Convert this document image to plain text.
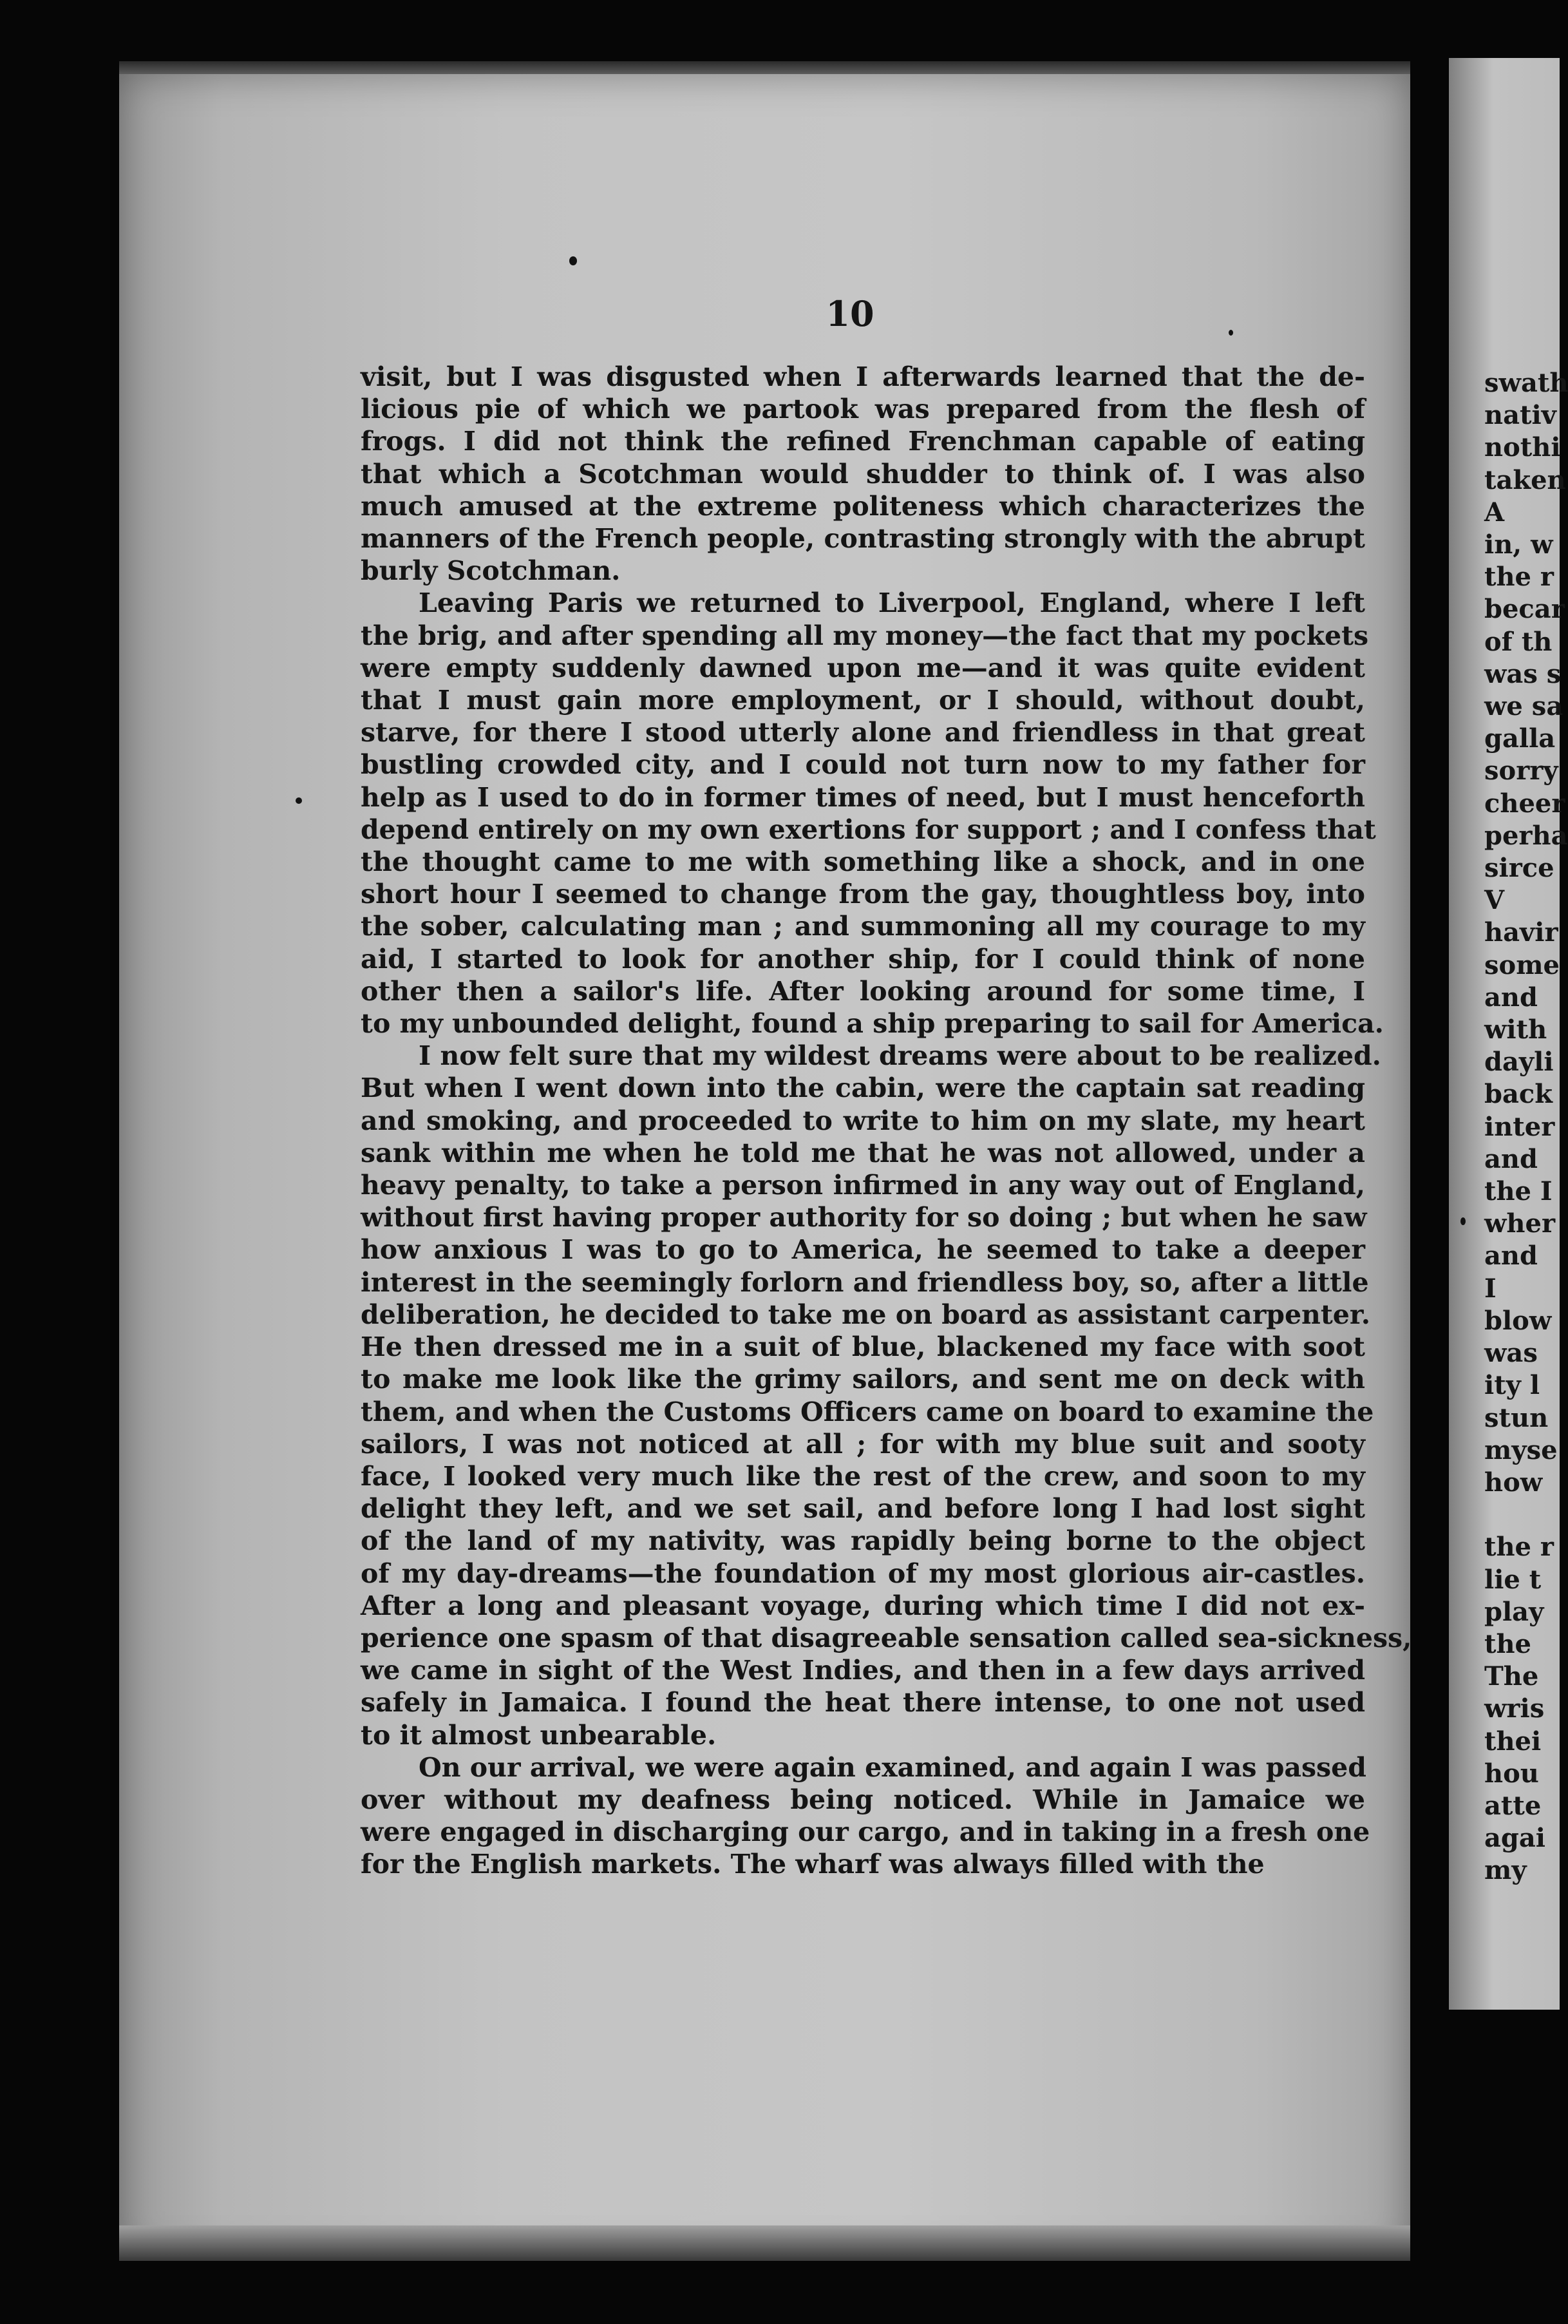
10

visit, but I was disgusted when I afterwards learned that the de-
licious pie of which we partook was prepared from the flesh of
frogs. I did not think the refined Frenchman capable of eating
that which a Scotchman would shudder to think of. I was also
much amused at the extreme politeness which characterizes the
manners of the French people, contrasting strongly with the abrupt
burly Scotchman.

Leaving Paris we returned to Liverpool, England, where I left
the brig, and after spending all my money—the fact that my pockets
were empty suddenly dawned upon me—and it was quite evident
that I must gain more employment, or I should, without doubt,
starve, for there I stood utterly alone and friendless in that great
bustling crowded city, and I could not turn now to my father for
help as I used to do in former times of need, but I must henceforth
depend entirely on my own exertions for support ; and I confess that
the thought came to me with something like a shock, and in one
short hour I seemed to change from the gay, thoughtless boy, into
the sober, calculating man ; and summoning all my courage to my
aid, I started to look for another ship, for I could think of none
other then a sailor's life. After looking around for some time, I
to my unbounded delight, found a ship preparing to sail for America.

I now felt sure that my wildest dreams were about to be realized.
But when I went down into the cabin, were the captain sat reading
and smoking, and proceeded to write to him on my slate, my heart
sank within me when he told me that he was not allowed, under a
heavy penalty, to take a person infirmed in any way out of England,
without first having proper authority for so doing ; but when he saw
how anxious I was to go to America, he seemed to take a deeper
interest in the seemingly forlorn and friendless boy, so, after a little
deliberation, he decided to take me on board as assistant carpenter.
He then dressed me in a suit of blue, blackened my face with soot
to make me look like the grimy sailors, and sent me on deck with
them, and when the Customs Officers came on board to examine the
sailors, I was not noticed at all ; for with my blue suit and sooty
face, I looked very much like the rest of the crew, and soon to my
delight they left, and we set sail, and before long I had lost sight
of the land of my nativity, was rapidly being borne to the object
of my day-dreams—the foundation of my most glorious air-castles.
After a long and pleasant voyage, during which time I did not ex-
perience one spasm of that disagreeable sensation called sea-sickness,
we came in sight of the West Indies, and then in a few days arrived
safely in Jamaica. I found the heat there intense, to one not used
to it almost unbearable.

On our arrival, we were again examined, and again I was passed
over without my deafness being noticed. While in Jamaice we
were engaged in discharging our cargo, and in taking in a fresh one
for the English markets. The wharf was always filled with the

swath
nativ
nothi
taken
A
in, w
the r
becar
of th
was s
we sa
galla
sorry
cheer
perha
sirce
V
havir
some
and
with
dayli
back
inter
and
the I
wher
and
I
blow
was
ity l
stun
myse
how

the r
lie t
play
the
The
wris
thei
hou
atte
agai
my
